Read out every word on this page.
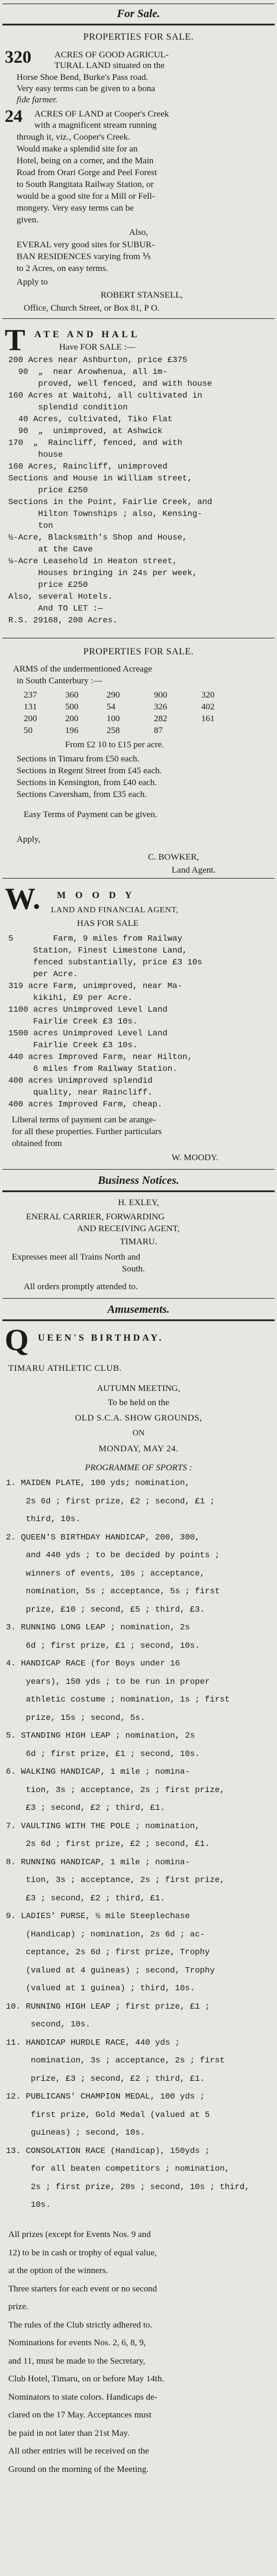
For Sale.
PROPERTIES FOR SALE.
320	ACRES OF GOOD AGRICUL-
TURAL LAND situated on the
Horse Shoe Bend, Burke's Pass road.
Very easy terms can be given to a bona
fide farmer.
24 ACRES OF LAND at Cooper's Creek
with a magnificent stream running
through it, viz., Cooper's Creek.
Would make a splendid site for an
Hotel, being on a corner, and the Main
Road from Orari Gorge and Peel Forest
to South Rangitata Railway Station, or
would be a good site for a Mill or Fell-
mongery. Very easy terms can be
given.
Also,
EVERAL very good sites for SUBUR-
BAN RESIDENCES varying from ⅕
to 2 Acres, on easy terms.
Apply to
ROBERT STANSELL,
Office, Church Street, or Box 81, P O.
T ATE AND HALL
Have FOR SALE :—
200 Acres near Ashburton, price £375
90  „  near Arowhenua, all im-
proved, well fenced, and with house
160 Acres at Waitohi, all cultivated in
splendid condition
40 Acres, cultivated, Tiko Flat
90  „  unimproved, at Ashwick
170  „  Raincliff, fenced, and with
house
160 Acres, Raincliff, unimproved
Sections and House in William street,
price £250
Sections in the Point, Fairlie Creek, and
Hilton Townships ; also, Kensing-
ton
½-Acre, Blacksmith's Shop and House,
at the Cave
¼-Acre Leasehold in Heaton street,
Houses bringing in 24s per week,
price £250
Also, several Hotels.
And TO LET :—
R.S. 29168, 200 Acres.
PROPERTIES FOR SALE.
ARMS of the undermentioned Acreage
in South Canterbury :—
237	360	290	900	320
131	500	54	326	402
200	200	100	282	161
50	196	258	87
From £2 10 to £15 per acre.
Sections in Timaru from £50 each.
Sections in Regent Street from £45 each.
Sections in Kensington, from £40 each.
Sections Caversham, from £35 each.
Easy Terms of Payment can be given.
Apply,
C. BOWKER,
Land Agent.
W. M O O D Y
LAND AND FINANCIAL AGENT,
HAS FOR SALE
5        Farm, 9 miles from Railway
Station, Finest Limestone Land,
fenced substantially, price £3 10s
per Acre.
319 acre Farm, unimproved, near Ma-
kikihi, £9 per Acre.
1100 acres Unimproved Level Land
Fairlie Creek £3 10s.
1500 acres Unimproved Level Land
Fairlie Creek £3 10s.
440 acres Improved Farm, near Hilton,
6 miles from Railway Station.
400 acres Unimproved splendid
quality, near Raincliff.
400 acres Improved Farm, cheap.
Liberal terms of payment can be arange-
for all these properties. Further particulars
obtained from
W. MOODY.
Business Notices.
H. EXLEY,
ENERAL CARRIER, FORWARDING
AND RECEIVING AGENT,
TIMARU.
Expresses meet all Trains North and
South.
All orders promptly attended to.
Amusements.
Q UEEN'S BIRTHDAY.
TIMARU ATHLETIC CLUB.
AUTUMN MEETING,
To be held on the
OLD S.C.A. SHOW GROUNDS,
ON
MONDAY, MAY 24.
PROGRAMME OF SPORTS :
1. MAIDEN PLATE, 100 yds; nomination,
2s 6d ; first prize, £2 ; second, £1 ;
third, 10s.
2. QUEEN'S BIRTHDAY HANDICAP, 200, 300,
and 440 yds ; to be decided by points ;
winners of events, 10s ; acceptance,
nomination, 5s ; acceptance, 5s ; first
prize, £10 ; second, £5 ; third, £3.
3. RUNNING LONG LEAP ; nomination, 2s
6d ; first prize, £1 ; second, 10s.
4. HANDICAP RACE (for Boys under 16
years), 150 yds ; to be run in proper
athletic costume ; nomination, 1s ; first
prize, 15s ; second, 5s.
5. STANDING HIGH LEAP ; nomination, 2s
6d ; first prize, £1 ; second, 10s.
6. WALKING HANDICAP, 1 mile ; nomina-
tion, 3s ; acceptance, 2s ; first prize,
£3 ; second, £2 ; third, £1.
7. VAULTING WITH THE POLE ; nomination,
2s 6d ; first prize, £2 ; second, £1.
8. RUNNING HANDICAP, 1 mile ; nomina-
tion, 3s ; acceptance, 2s ; first prize,
£3 ; second, £2 ; third, £1.
9. LADIES' PURSE, ½ mile Steeplechase
(Handicap) ; nomination, 2s 6d ; ac-
ceptance, 2s 6d ; first prize, Trophy
(valued at 4 guineas) ; second, Trophy
(valued at 1 guinea) ; third, 10s.
10. RUNNING HIGH LEAP ; first prize, £1 ;
second, 10s.
11. HANDICAP HURDLE RACE, 440 yds ;
nomination, 3s ; acceptance, 2s ; first
prize, £3 ; second, £2 ; third, £1.
12. PUBLICANS' CHAMPION MEDAL, 100 yds ;
first prize, Gold Medal (valued at 5
guineas) ; second, 10s.
13. CONSOLATION RACE (Handicap), 150yds ;
for all beaten competitors ; nomination,
2s ; first prize, 20s ; second, 10s ; third,
10s.
All prizes (except for Events Nos. 9 and
12) to be in cash or trophy of equal value,
at the option of the winners.
Three starters for each event or no second
prize.
The rules of the Club strictly adhered to.
Nominations for events Nos. 2, 6, 8, 9,
and 11, must be made to the Secretary,
Club Hotel, Timaru, on or before May 14th.
Nominators to state colors. Handicaps de-
clared on the 17 May. Acceptances must
be paid in not later than 21st May.
All other entries will be received on the
Ground on the morning of the Meeting.
